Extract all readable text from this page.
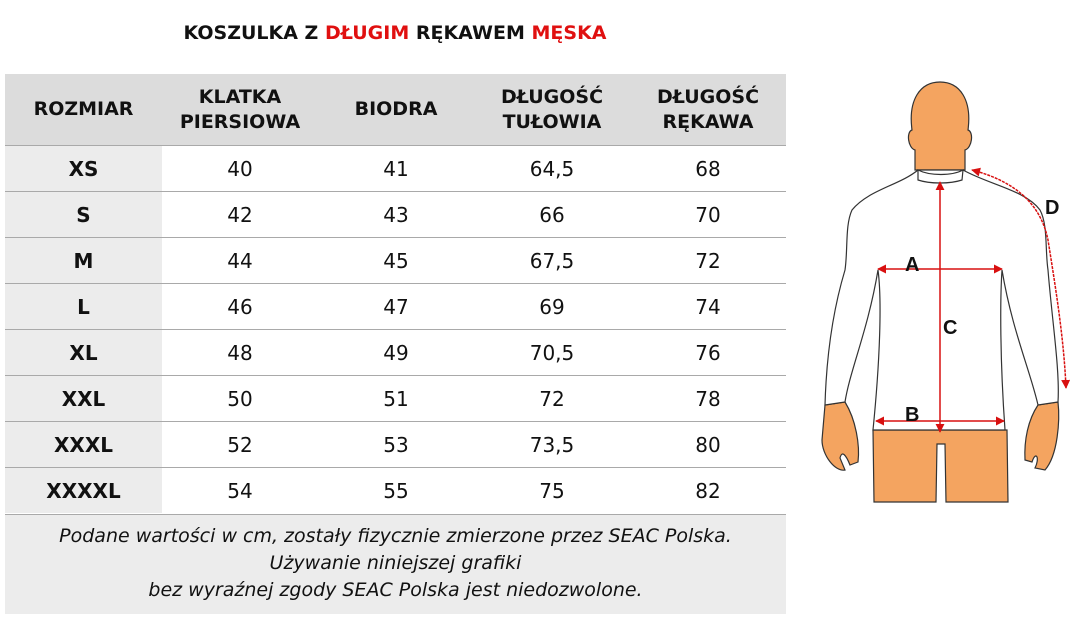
KOSZULKA Z DŁUGIM RĘKAWEM MĘSKA
ROZMIAR	KLATKA PIERSIOWA	BIODRA	DŁUGOŚĆ TUŁOWIA	DŁUGOŚĆ RĘKAWA
XS	40	41	64,5	68
S	42	43	66	70
M	44	45	67,5	72
L	46	47	69	74
XL	48	49	70,5	76
XXL	50	51	72	78
XXXL	52	53	73,5	80
XXXXL	54	55	75	82
Podane wartości w cm, zostały fizycznie zmierzone przez SEAC Polska.
Używanie niniejszej grafiki
bez wyraźnej zgody SEAC Polska jest niedozwolone.
A
B
C
D
